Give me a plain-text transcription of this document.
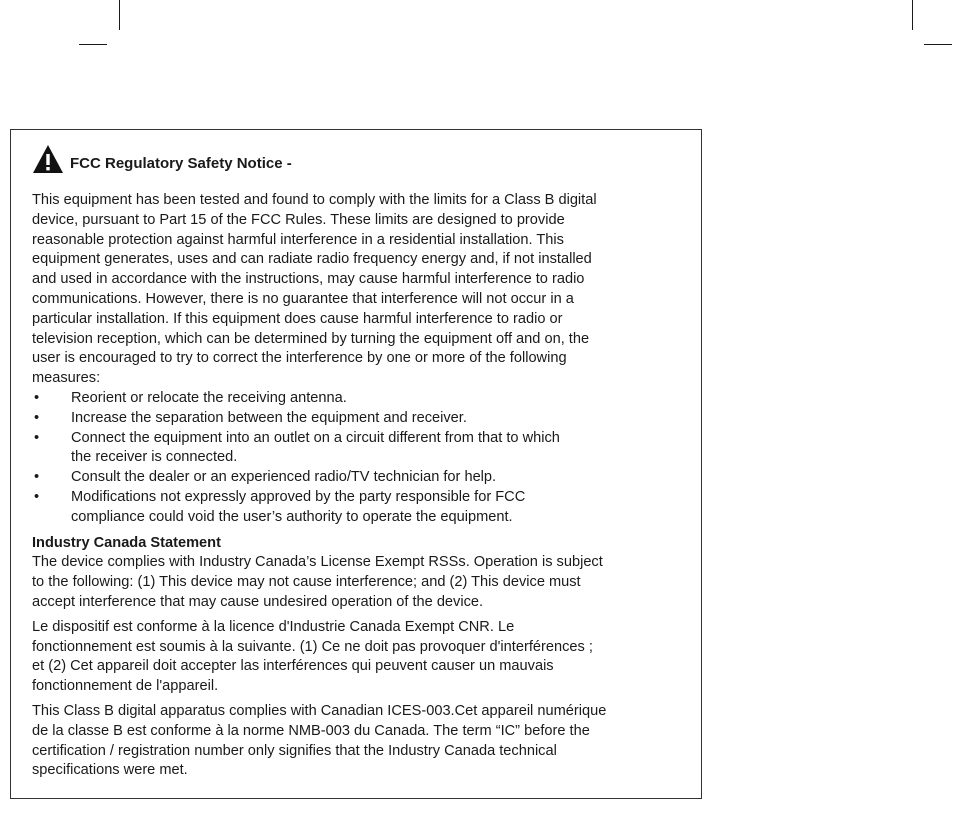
FCC Regulatory Safety Notice -

This equipment has been tested and found to comply with the limits for a Class B digital
device, pursuant to Part 15 of the FCC Rules. These limits are designed to provide
reasonable protection against harmful interference in a residential installation. This
equipment generates, uses and can radiate radio frequency energy and, if not installed
and used in accordance with the instructions, may cause harmful interference to radio
communications. However, there is no guarantee that interference will not occur in a
particular installation. If this equipment does cause harmful interference to radio or
television reception, which can be determined by turning the equipment off and on, the
user is encouraged to try to correct the interference by one or more of the following
measures:

• Reorient or relocate the receiving antenna.
• Increase the separation between the equipment and receiver.
• Connect the equipment into an outlet on a circuit different from that to which
the receiver is connected.
• Consult the dealer or an experienced radio/TV technician for help.
• Modifications not expressly approved by the party responsible for FCC
compliance could void the user’s authority to operate the equipment.
Industry Canada Statement

The device complies with Industry Canada’s License Exempt RSSs. Operation is subject
to the following: (1) This device may not cause interference; and (2) This device must
accept interference that may cause undesired operation of the device.

Le dispositif est conforme à la licence d'Industrie Canada Exempt CNR. Le
fonctionnement est soumis à la suivante. (1) Ce ne doit pas provoquer d'interférences ;
et (2) Cet appareil doit accepter las interférences qui peuvent causer un mauvais
fonctionnement de l'appareil.

This Class B digital apparatus complies with Canadian ICES-003.Cet appareil numérique
de la classe B est conforme à la norme NMB-003 du Canada. The term “IC” before the
certification / registration number only signifies that the Industry Canada technical
specifications were met.
